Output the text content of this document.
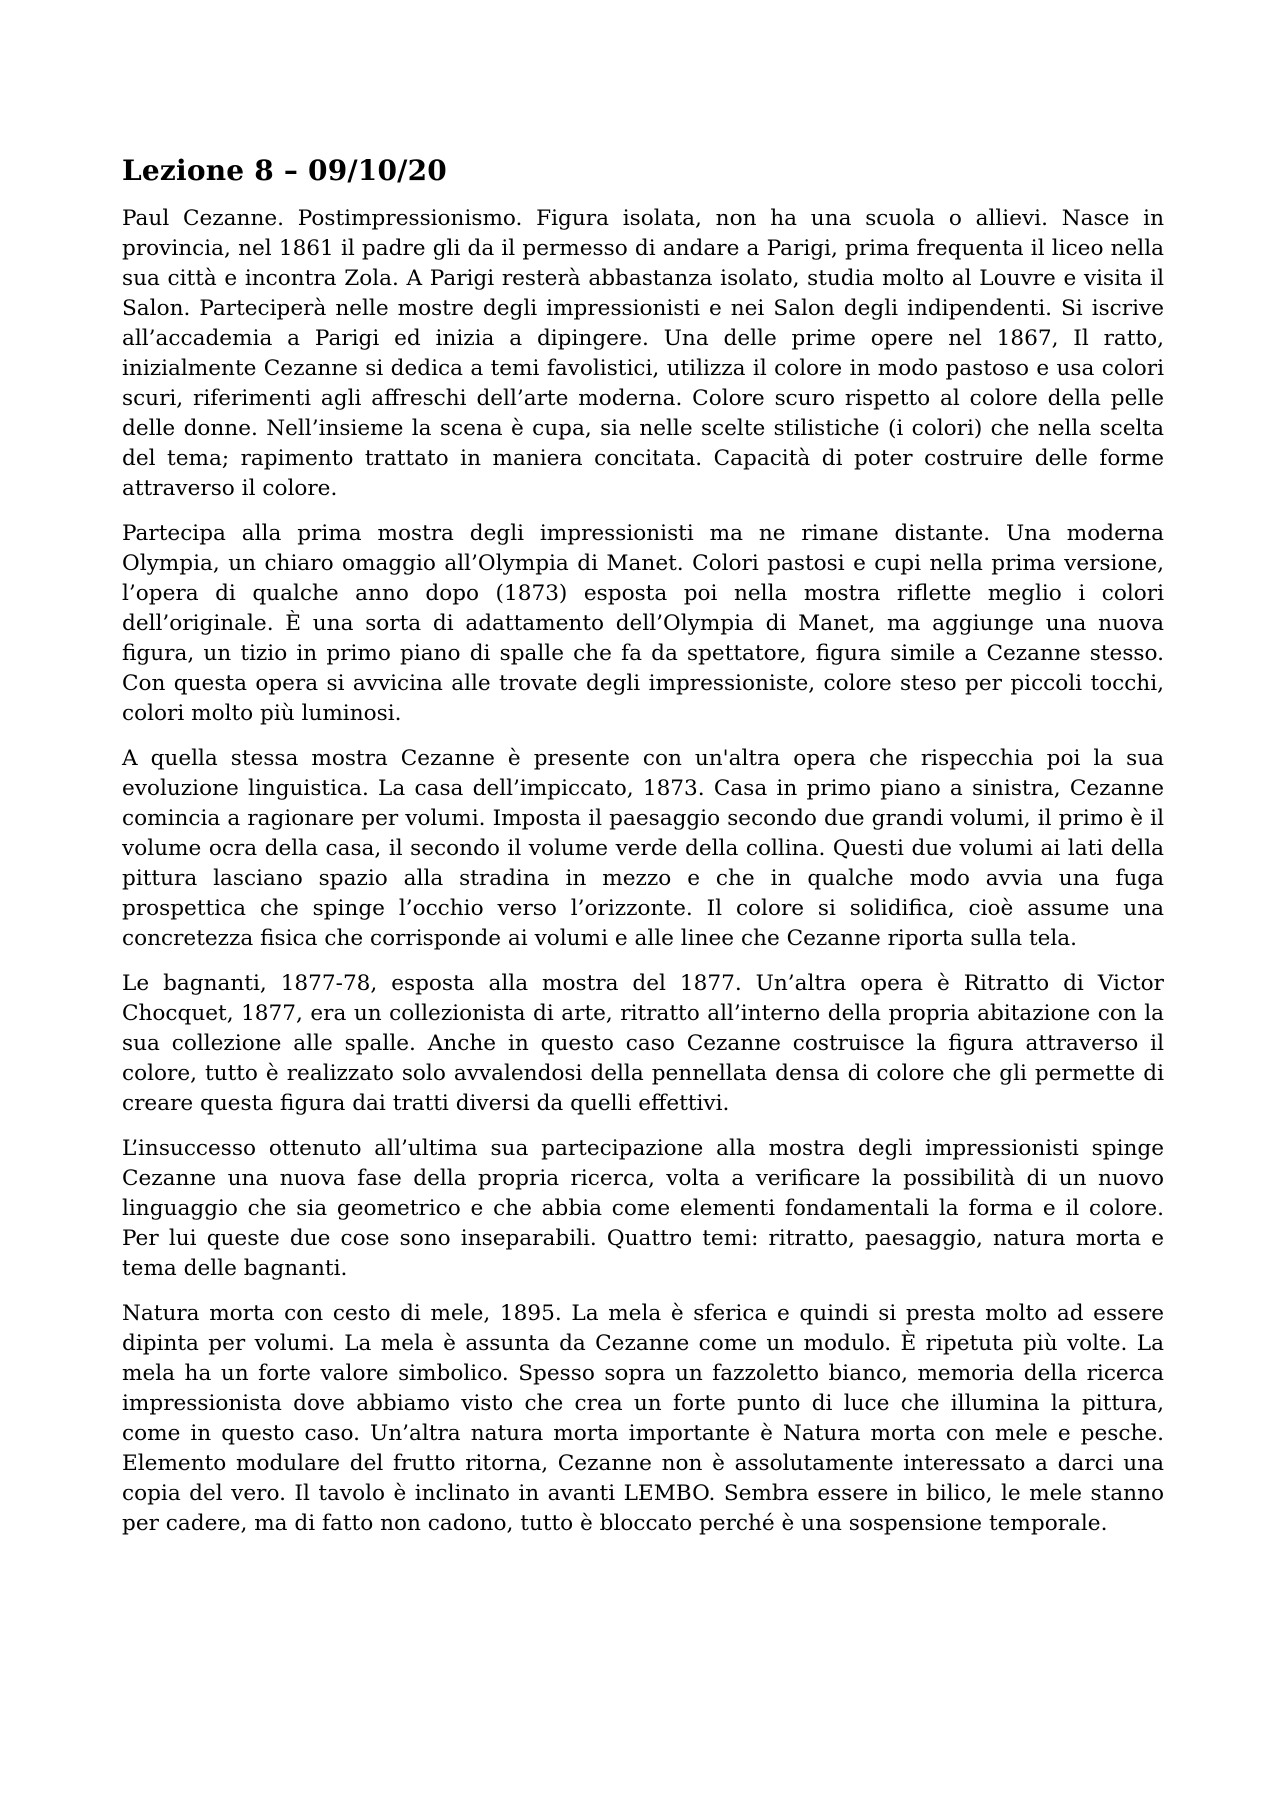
Lezione 8 – 09/10/20

Paul Cezanne. Postimpressionismo. Figura isolata, non ha una scuola o allievi. Nasce in provincia, nel 1861 il padre gli da il permesso di andare a Parigi, prima frequenta il liceo nella sua città e incontra Zola. A Parigi resterà abbastanza isolato, studia molto al Louvre e visita il Salon. Parteciperà nelle mostre degli impressionisti e nei Salon degli indipendenti. Si iscrive all’accademia a Parigi ed inizia a dipingere. Una delle prime opere nel 1867, Il ratto, inizialmente Cezanne si dedica a temi favolistici, utilizza il colore in modo pastoso e usa colori scuri, riferimenti agli affreschi dell’arte moderna. Colore scuro rispetto al colore della pelle delle donne. Nell’insieme la scena è cupa, sia nelle scelte stilistiche (i colori) che nella scelta del tema; rapimento trattato in maniera concitata. Capacità di poter costruire delle forme attraverso il colore.

Partecipa alla prima mostra degli impressionisti ma ne rimane distante. Una moderna Olympia, un chiaro omaggio all’Olympia di Manet. Colori pastosi e cupi nella prima versione, l’opera di qualche anno dopo (1873) esposta poi nella mostra riflette meglio i colori dell’originale. È una sorta di adattamento dell’Olympia di Manet, ma aggiunge una nuova figura, un tizio in primo piano di spalle che fa da spettatore, figura simile a Cezanne stesso. Con questa opera si avvicina alle trovate degli impressioniste, colore steso per piccoli tocchi, colori molto più luminosi.

A quella stessa mostra Cezanne è presente con un'altra opera che rispecchia poi la sua evoluzione linguistica. La casa dell’impiccato, 1873. Casa in primo piano a sinistra, Cezanne comincia a ragionare per volumi. Imposta il paesaggio secondo due grandi volumi, il primo è il volume ocra della casa, il secondo il volume verde della collina. Questi due volumi ai lati della pittura lasciano spazio alla stradina in mezzo e che in qualche modo avvia una fuga prospettica che spinge l’occhio verso l’orizzonte. Il colore si solidifica, cioè assume una concretezza fisica che corrisponde ai volumi e alle linee che Cezanne riporta sulla tela.

Le bagnanti, 1877-78, esposta alla mostra del 1877. Un’altra opera è Ritratto di Victor Chocquet, 1877, era un collezionista di arte, ritratto all’interno della propria abitazione con la sua collezione alle spalle. Anche in questo caso Cezanne costruisce la figura attraverso il colore, tutto è realizzato solo avvalendosi della pennellata densa di colore che gli permette di creare questa figura dai tratti diversi da quelli effettivi.

L’insuccesso ottenuto all’ultima sua partecipazione alla mostra degli impressionisti spinge Cezanne una nuova fase della propria ricerca, volta a verificare la possibilità di un nuovo linguaggio che sia geometrico e che abbia come elementi fondamentali la forma e il colore. Per lui queste due cose sono inseparabili. Quattro temi: ritratto, paesaggio, natura morta e tema delle bagnanti.

Natura morta con cesto di mele, 1895. La mela è sferica e quindi si presta molto ad essere dipinta per volumi. La mela è assunta da Cezanne come un modulo. È ripetuta più volte. La mela ha un forte valore simbolico. Spesso sopra un fazzoletto bianco, memoria della ricerca impressionista dove abbiamo visto che crea un forte punto di luce che illumina la pittura, come in questo caso. Un’altra natura morta importante è Natura morta con mele e pesche. Elemento modulare del frutto ritorna, Cezanne non è assolutamente interessato a darci una copia del vero. Il tavolo è inclinato in avanti LEMBO. Sembra essere in bilico, le mele stanno per cadere, ma di fatto non cadono, tutto è bloccato perché è una sospensione temporale.
